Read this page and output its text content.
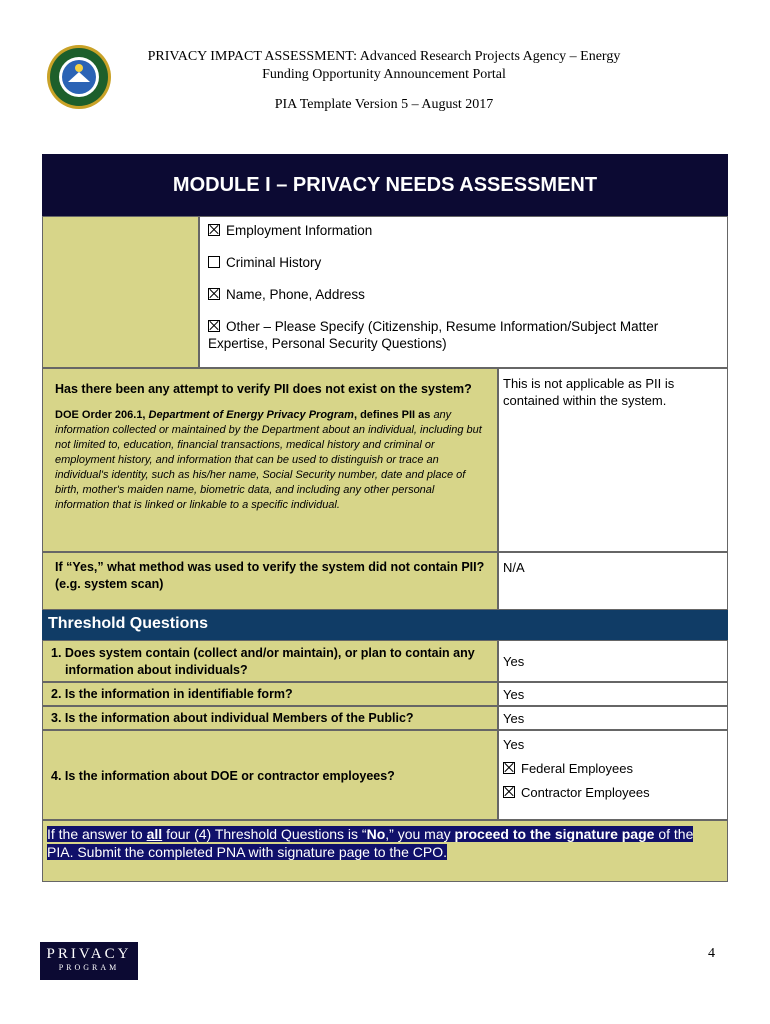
PRIVACY IMPACT ASSESSMENT: Advanced Research Projects Agency – Energy
Funding Opportunity Announcement Portal
PIA Template Version 5 – August 2017
MODULE I – PRIVACY NEEDS ASSESSMENT
Employment Information
Criminal History
Name, Phone, Address
Other – Please Specify (Citizenship, Resume Information/Subject Matter Expertise, Personal Security Questions)
Has there been any attempt to verify PII does not exist on the system?
DOE Order 206.1, Department of Energy Privacy Program, defines PII as any information collected or maintained by the Department about an individual, including but not limited to, education, financial transactions, medical history and criminal or employment history, and information that can be used to distinguish or trace an individual's identity, such as his/her name, Social Security number, date and place of birth, mother's maiden name, biometric data, and including any other personal information that is linked or linkable to a specific individual.
This is not applicable as PII is contained within the system.
If “Yes,” what method was used to verify the system did not contain PII? (e.g. system scan)
N/A
Threshold Questions
1. Does system contain (collect and/or maintain), or plan to contain any information about individuals?
Yes
2. Is the information in identifiable form?	Yes
3. Is the information about individual Members of the Public?	Yes
4. Is the information about DOE or contractor employees?
Yes
Federal Employees
Contractor Employees
If the answer to all four (4) Threshold Questions is “No,” you may proceed to the signature page of the PIA. Submit the completed PNA with signature page to the CPO.
PRIVACY
PROGRAM
4
